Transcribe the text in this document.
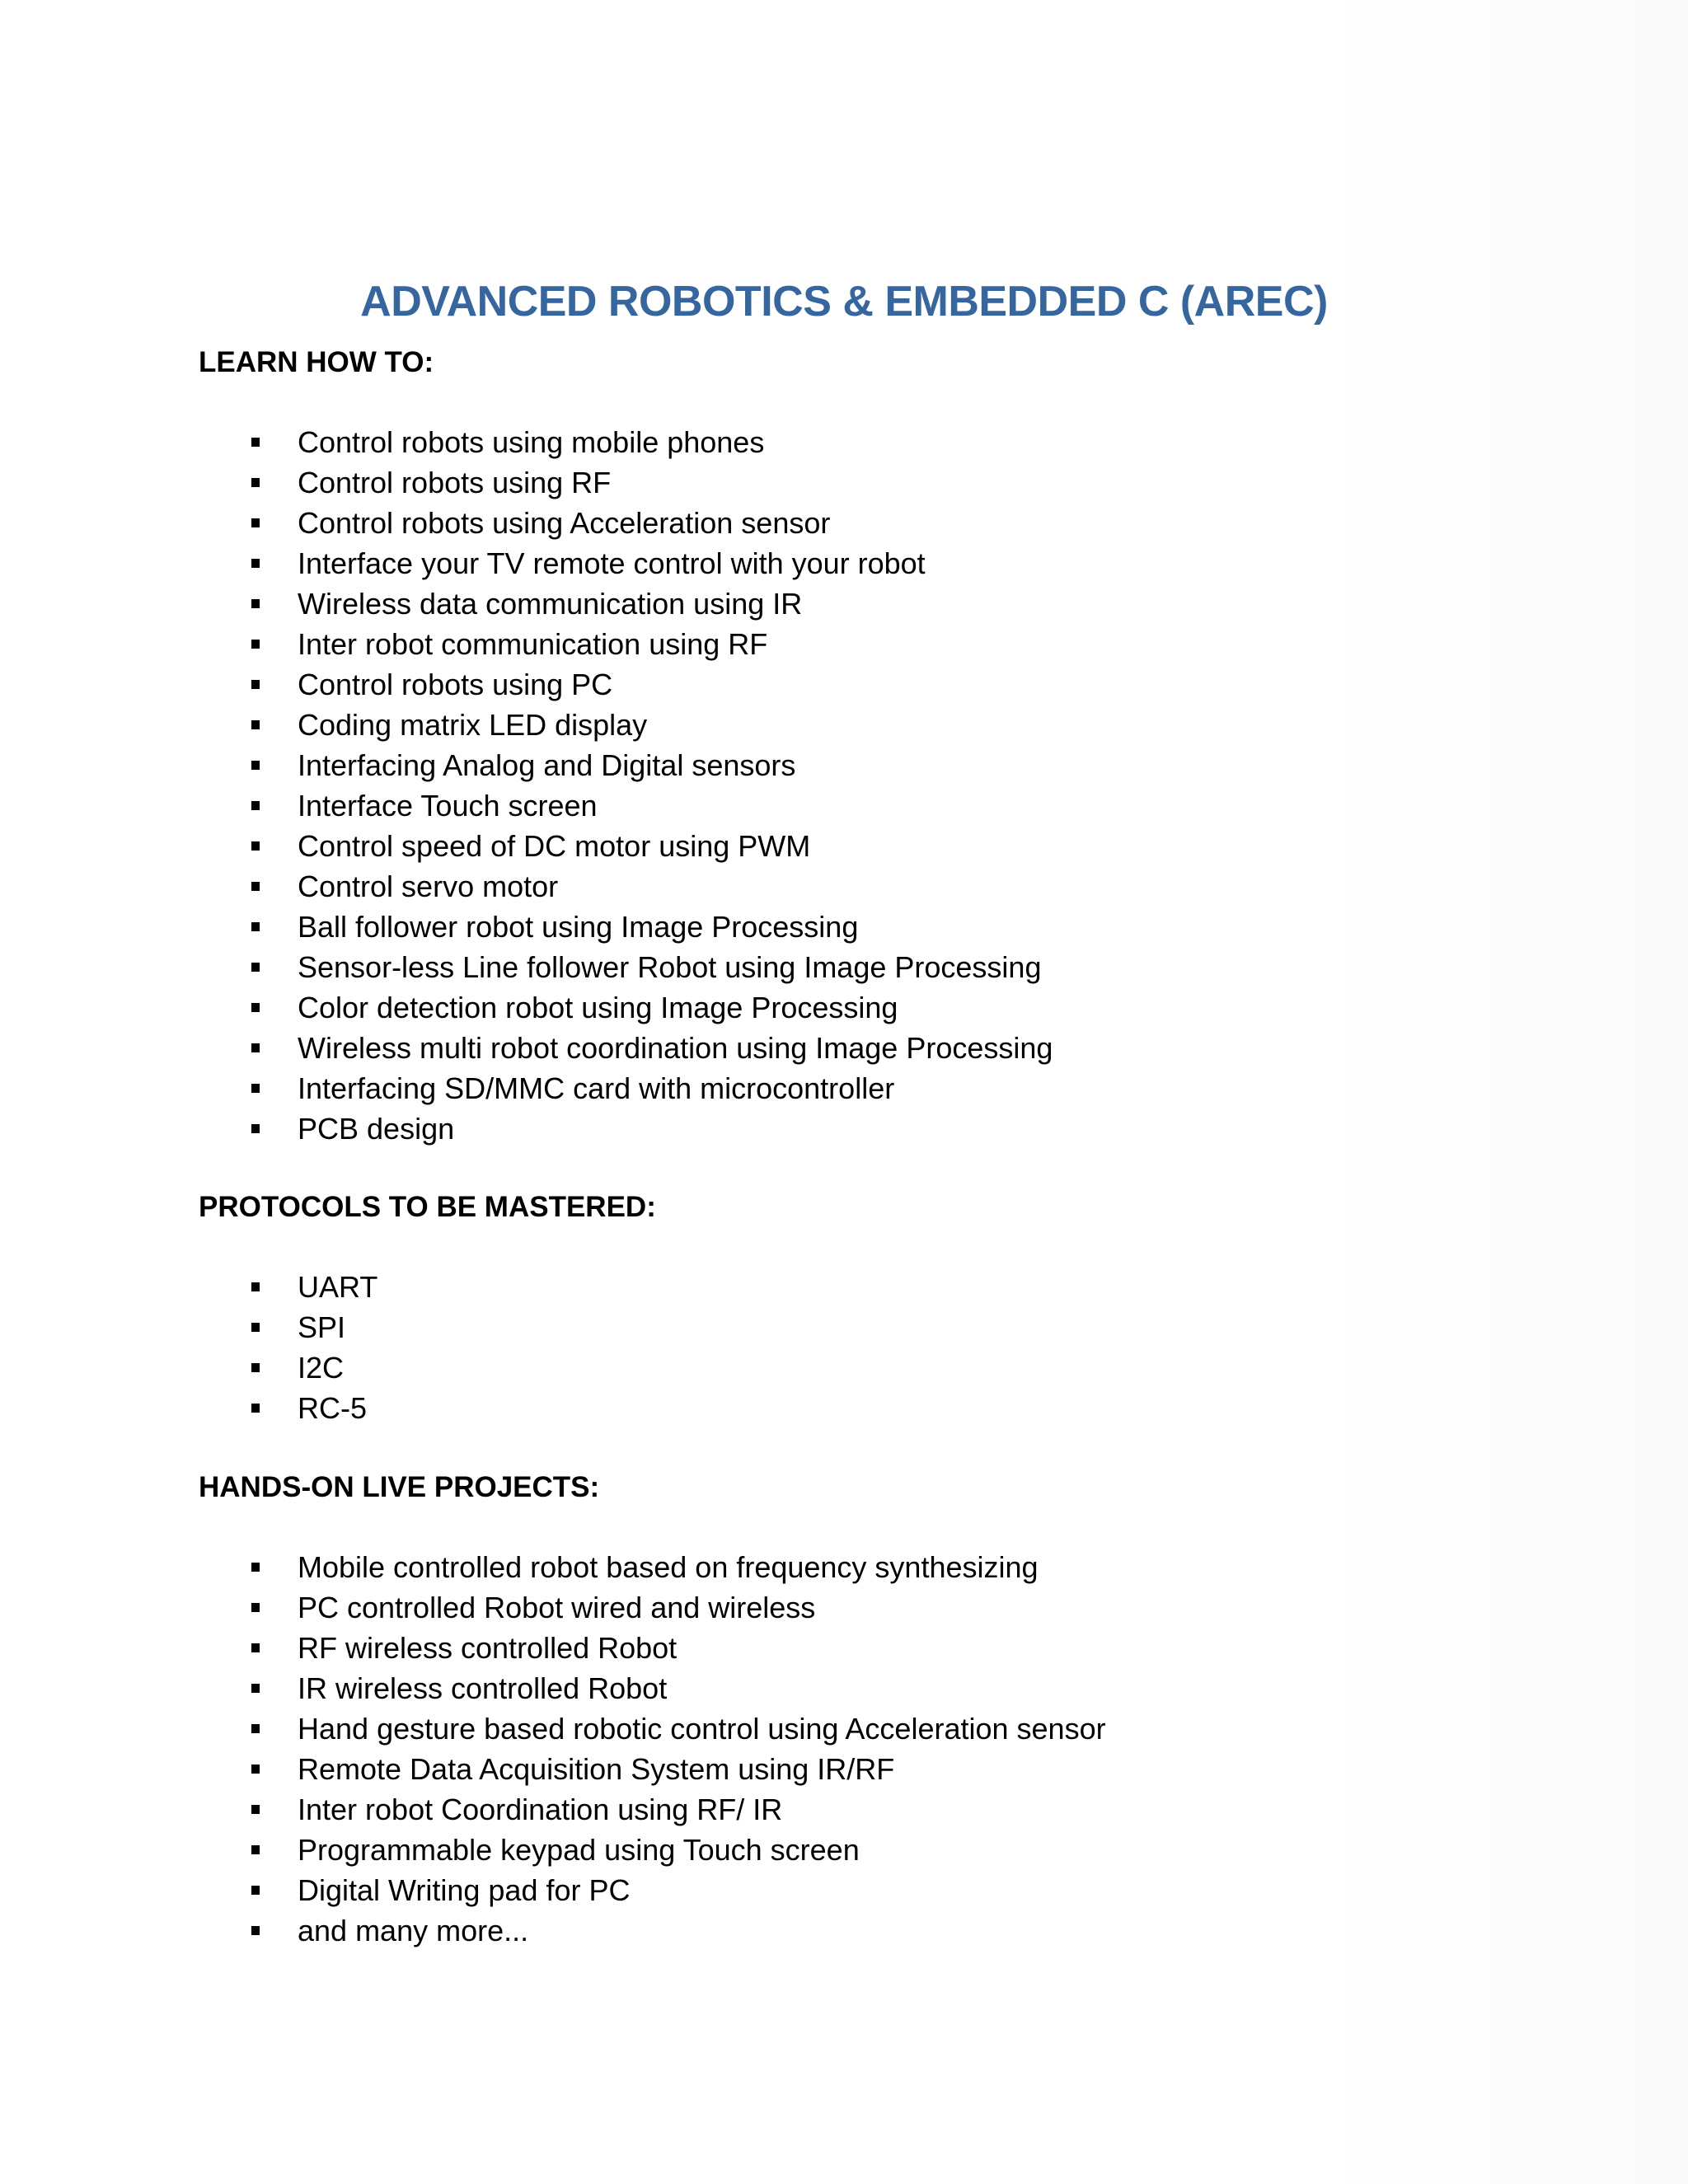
ADVANCED ROBOTICS & EMBEDDED C (AREC)
LEARN HOW TO:
Control robots using mobile phones
Control robots using RF
Control robots using Acceleration sensor
Interface your TV remote control with your robot
Wireless data communication using IR
Inter robot communication using RF
Control robots using PC
Coding matrix LED display
Interfacing Analog and Digital sensors
Interface Touch screen
Control speed of DC motor using PWM
Control servo motor
Ball follower robot using Image Processing
Sensor-less Line follower Robot using Image Processing
Color detection robot using Image Processing
Wireless multi robot coordination using Image Processing
Interfacing SD/MMC card with microcontroller
PCB design
PROTOCOLS TO BE MASTERED:
UART
SPI
I2C
RC-5
HANDS-ON LIVE PROJECTS:
Mobile controlled robot based on frequency synthesizing
PC controlled Robot wired and wireless
RF wireless controlled Robot
IR wireless controlled Robot
Hand gesture based robotic control using Acceleration sensor
Remote Data Acquisition System using IR/RF
Inter robot Coordination using RF/ IR
Programmable keypad using Touch screen
Digital Writing pad for PC
and many more...
